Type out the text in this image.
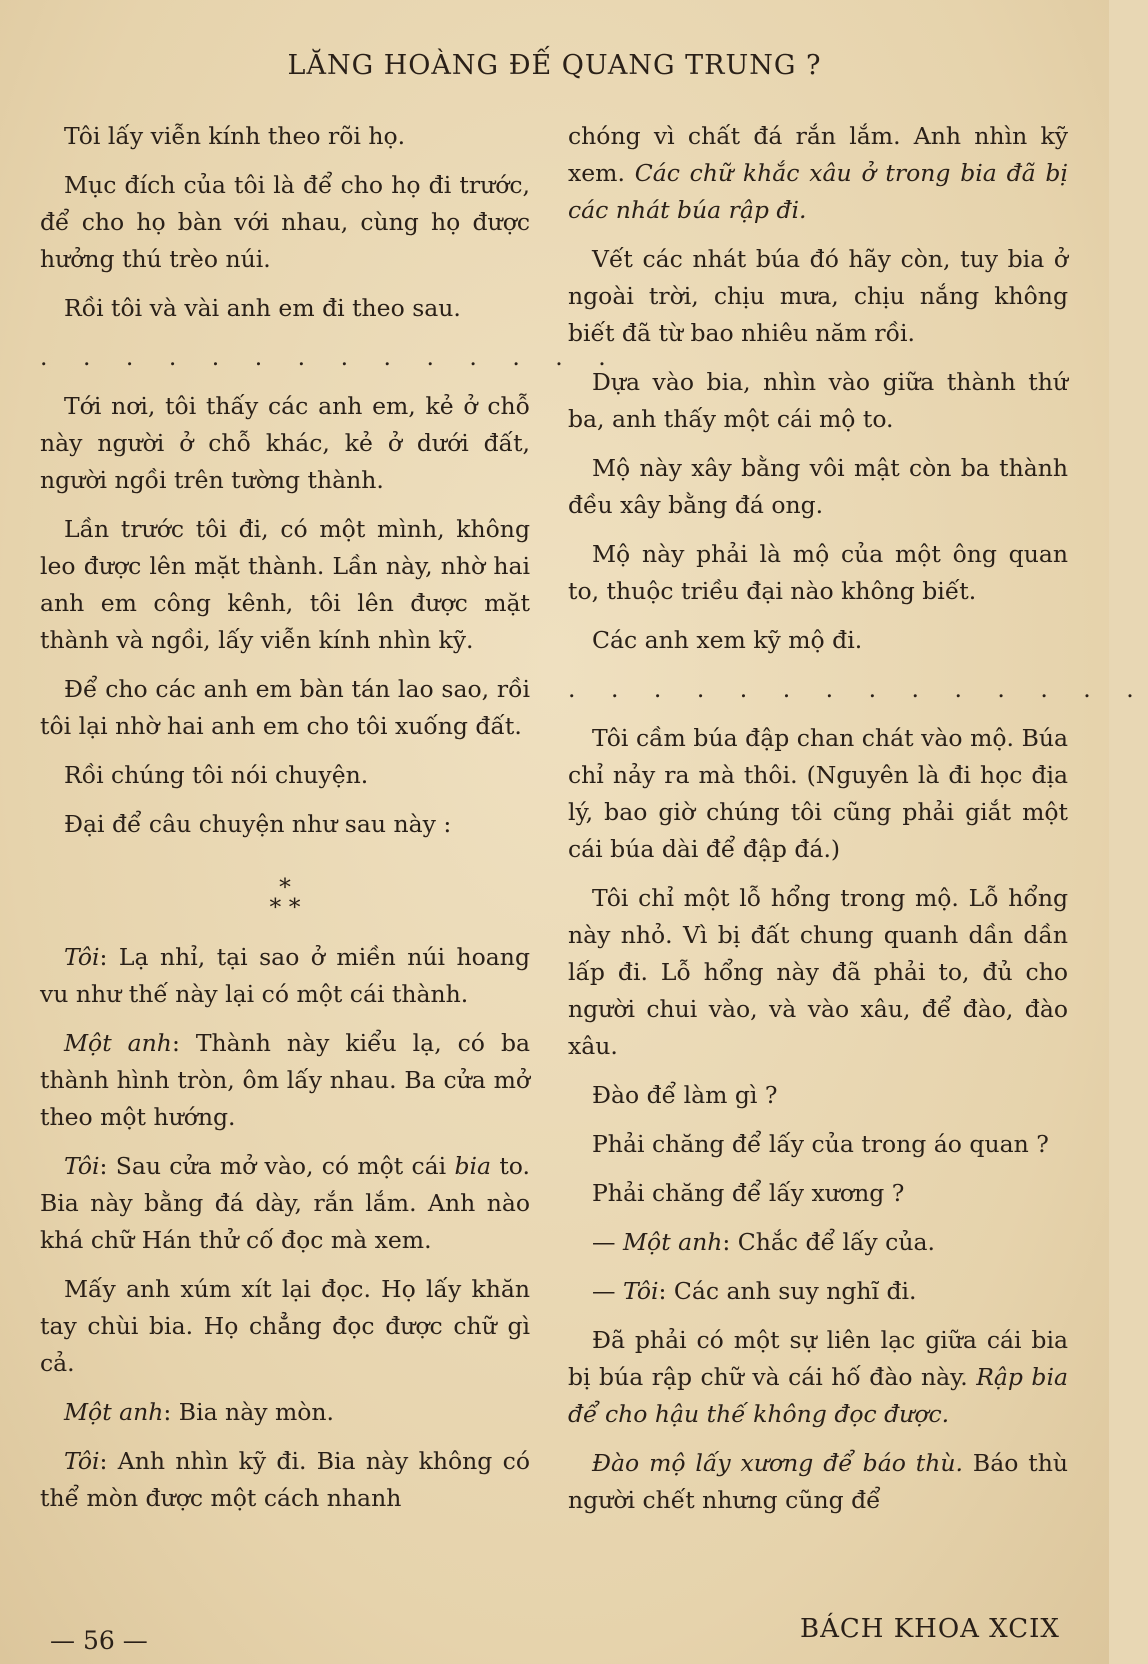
LĂNG HOÀNG ĐẾ QUANG TRUNG ?

Tôi lấy viễn kính theo rõi họ.

Mục đích của tôi là để cho họ đi trước, để cho họ bàn với nhau, cùng họ được hưởng thú trèo núi.

Rồi tôi và vài anh em đi theo sau.

. . . . . . . . . . . . . .

Tới nơi, tôi thấy các anh em, kẻ ở chỗ này người ở chỗ khác, kẻ ở dưới đất, người ngồi trên tường thành.

Lần trước tôi đi, có một mình, không leo được lên mặt thành. Lần này, nhờ hai anh em công kênh, tôi lên được mặt thành và ngồi, lấy viễn kính nhìn kỹ.

Để cho các anh em bàn tán lao sao, rồi tôi lại nhờ hai anh em cho tôi xuống đất.

Rồi chúng tôi nói chuyện.

Đại để câu chuyện như sau này :

*
* *

Tôi: Lạ nhỉ, tại sao ở miền núi hoang vu như thế này lại có một cái thành.

Một anh: Thành này kiểu lạ, có ba thành hình tròn, ôm lấy nhau. Ba cửa mở theo một hướng.

Tôi: Sau cửa mở vào, có một cái bia to. Bia này bằng đá dày, rắn lắm. Anh nào khá chữ Hán thử cố đọc mà xem.

Mấy anh xúm xít lại đọc. Họ lấy khăn tay chùi bia. Họ chẳng đọc được chữ gì cả.

Một anh: Bia này mòn.

Tôi: Anh nhìn kỹ đi. Bia này không có thể mòn được một cách nhanh

chóng vì chất đá rắn lắm. Anh nhìn kỹ xem. Các chữ khắc xâu ở trong bia đã bị các nhát búa rập đi.

Vết các nhát búa đó hãy còn, tuy bia ở ngoài trời, chịu mưa, chịu nắng không biết đã từ bao nhiêu năm rồi.

Dựa vào bia, nhìn vào giữa thành thứ ba, anh thấy một cái mộ to.

Mộ này xây bằng vôi mật còn ba thành đều xây bằng đá ong.

Mộ này phải là mộ của một ông quan to, thuộc triều đại nào không biết.

Các anh xem kỹ mộ đi.

. . . . . . . . . . . . . .

Tôi cầm búa đập chan chát vào mộ. Búa chỉ nảy ra mà thôi. (Nguyên là đi học địa lý, bao giờ chúng tôi cũng phải giắt một cái búa dài để đập đá.)

Tôi chỉ một lỗ hổng trong mộ. Lỗ hổng này nhỏ. Vì bị đất chung quanh dần dần lấp đi. Lỗ hổng này đã phải to, đủ cho người chui vào, và vào xâu, để đào, đào xâu.

Đào để làm gì ?

Phải chăng để lấy của trong áo quan ?

Phải chăng để lấy xương ?

— Một anh: Chắc để lấy của.

— Tôi: Các anh suy nghĩ đi.

Đã phải có một sự liên lạc giữa cái bia bị búa rập chữ và cái hố đào này. Rập bia để cho hậu thế không đọc được.

Đào mộ lấy xương để báo thù. Báo thù người chết nhưng cũng để

— 56 —	BÁCH KHOA XCIX
